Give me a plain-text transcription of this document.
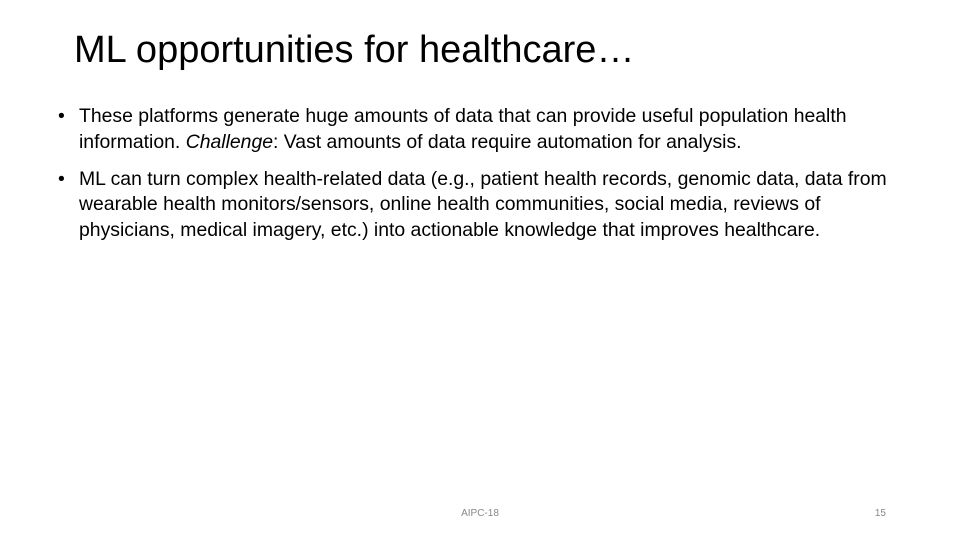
ML opportunities for healthcare…
• These platforms generate huge amounts of data that can provide useful population health information. Challenge: Vast amounts of data require automation for analysis.
• ML can turn complex health-related data (e.g., patient health records, genomic data, data from wearable health monitors/sensors, online health communities, social media, reviews of physicians, medical imagery, etc.) into actionable knowledge that improves healthcare.
AIPC-18	15
